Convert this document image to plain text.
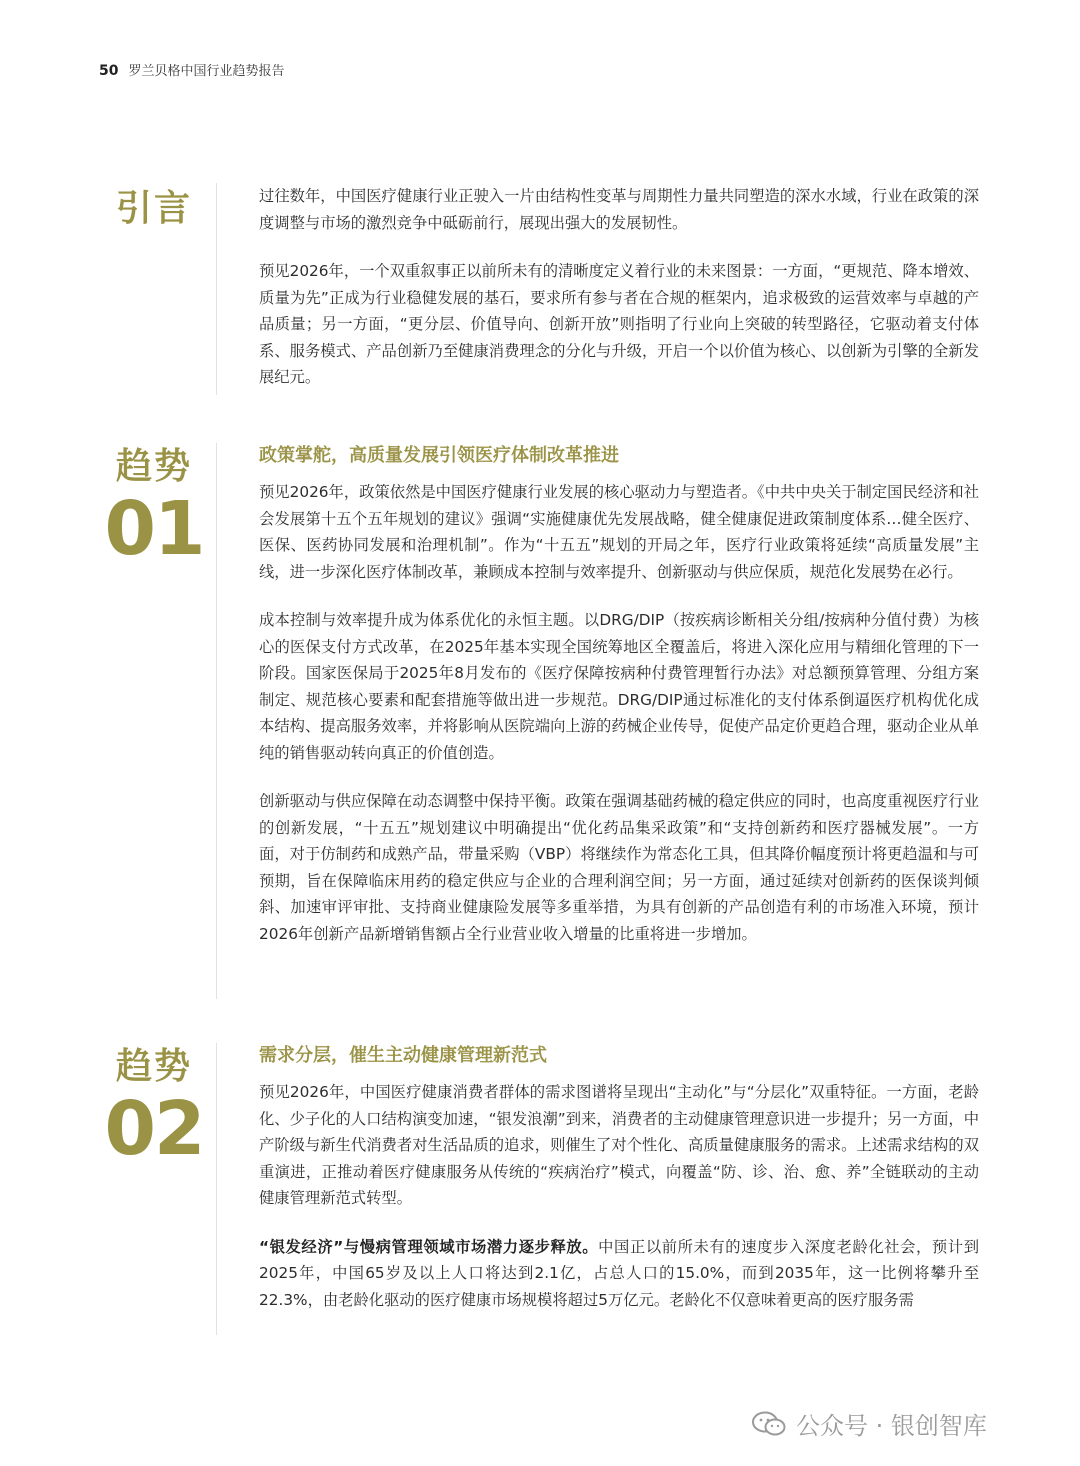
50 罗兰贝格中国行业趋势报告
引言	过往数年，中国医疗健康行业正驶入一片由结构性变革与周期性力量共同塑造的深水水域，行业在政策的深度调整与市场的激烈竞争中砥砺前行，展现出强大的发展韧性。

预见2026年，一个双重叙事正以前所未有的清晰度定义着行业的未来图景：一方面，“更规范、降本增效、质量为先”正成为行业稳健发展的基石，要求所有参与者在合规的框架内，追求极致的运营效率与卓越的产品质量；另一方面，“更分层、价值导向、创新开放”则指明了行业向上突破的转型路径，它驱动着支付体系、服务模式、产品创新乃至健康消费理念的分化与升级，开启一个以价值为核心、以创新为引擎的全新发展纪元。

趋势
01
政策掌舵，高质量发展引领医疗体制改革推进

预见2026年，政策依然是中国医疗健康行业发展的核心驱动力与塑造者。《中共中央关于制定国民经济和社会发展第十五个五年规划的建议》强调“实施健康优先发展战略，健全健康促进政策制度体系…健全医疗、医保、医药协同发展和治理机制”。作为“十五五”规划的开局之年，医疗行业政策将延续“高质量发展”主线，进一步深化医疗体制改革，兼顾成本控制与效率提升、创新驱动与供应保质，规范化发展势在必行。

成本控制与效率提升成为体系优化的永恒主题。以DRG/DIP（按疾病诊断相关分组/按病种分值付费）为核心的医保支付方式改革，在2025年基本实现全国统筹地区全覆盖后，将进入深化应用与精细化管理的下一阶段。国家医保局于2025年8月发布的《医疗保障按病种付费管理暂行办法》对总额预算管理、分组方案制定、规范核心要素和配套措施等做出进一步规范。DRG/DIP通过标准化的支付体系倒逼医疗机构优化成本结构、提高服务效率，并将影响从医院端向上游的药械企业传导，促使产品定价更趋合理，驱动企业从单纯的销售驱动转向真正的价值创造。

创新驱动与供应保障在动态调整中保持平衡。政策在强调基础药械的稳定供应的同时，也高度重视医疗行业的创新发展，“十五五”规划建议中明确提出“优化药品集采政策”和“支持创新药和医疗器械发展”。一方面，对于仿制药和成熟产品，带量采购（VBP）将继续作为常态化工具，但其降价幅度预计将更趋温和与可预期，旨在保障临床用药的稳定供应与企业的合理利润空间；另一方面，通过延续对创新药的医保谈判倾斜、加速审评审批、支持商业健康险发展等多重举措，为具有创新的产品创造有利的市场准入环境，预计2026年创新产品新增销售额占全行业营业收入增量的比重将进一步增加。

趋势
02
需求分层，催生主动健康管理新范式

预见2026年，中国医疗健康消费者群体的需求图谱将呈现出“主动化”与“分层化”双重特征。一方面，老龄化、少子化的人口结构演变加速，“银发浪潮”到来，消费者的主动健康管理意识进一步提升；另一方面，中产阶级与新生代消费者对生活品质的追求，则催生了对个性化、高质量健康服务的需求。上述需求结构的双重演进，正推动着医疗健康服务从传统的“疾病治疗”模式，向覆盖“防、诊、治、愈、养”全链联动的主动健康管理新范式转型。

“银发经济”与慢病管理领域市场潜力逐步释放。中国正以前所未有的速度步入深度老龄化社会，预计到2025年，中国65岁及以上人口将达到2.1亿，占总人口的15.0%，而到2035年，这一比例将攀升至22.3%，由老龄化驱动的医疗健康市场规模将超过5万亿元。老龄化不仅意味着更高的医疗服务需

公众号 · 银创智库
